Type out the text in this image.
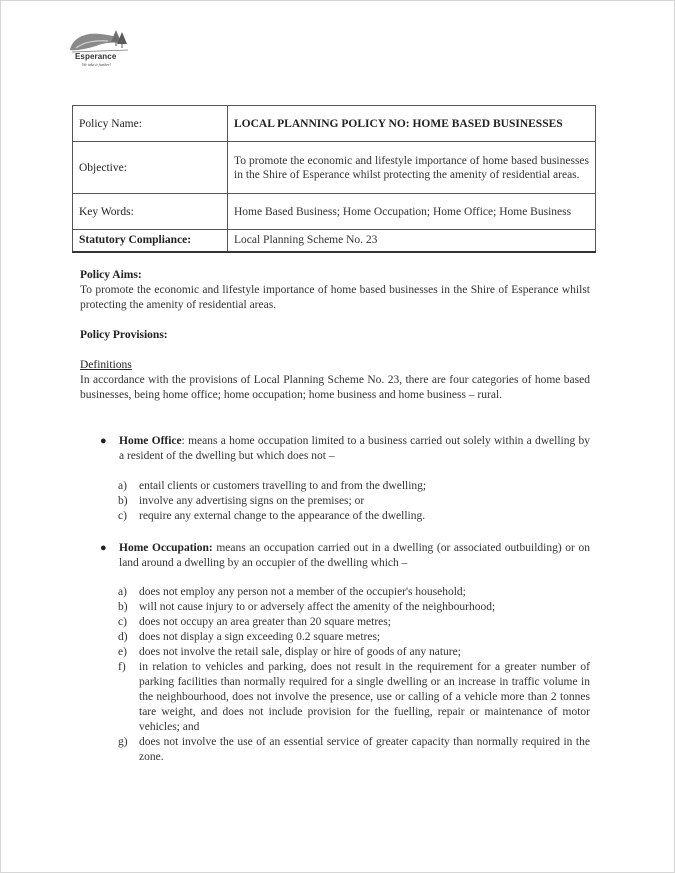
Esperance
We take it further!
Policy Name:	LOCAL PLANNING POLICY NO: HOME BASED BUSINESSES
Objective:	To promote the economic and lifestyle importance of home based businesses in the Shire of Esperance whilst protecting the amenity of residential areas.
Key Words:	Home Based Business; Home Occupation; Home Office; Home Business
Statutory Compliance:	Local Planning Scheme No. 23
Policy Aims:
To promote the economic and lifestyle importance of home based businesses in the Shire of Esperance whilst protecting the amenity of residential areas.
Policy Provisions:
Definitions
In accordance with the provisions of Local Planning Scheme No. 23, there are four categories of home based businesses, being home office; home occupation; home business and home business – rural.
● Home Office: means a home occupation limited to a business carried out solely within a dwelling by a resident of the dwelling but which does not –
a) entail clients or customers travelling to and from the dwelling;
b) involve any advertising signs on the premises; or
c) require any external change to the appearance of the dwelling.
● Home Occupation: means an occupation carried out in a dwelling (or associated outbuilding) or on land around a dwelling by an occupier of the dwelling which –
a) does not employ any person not a member of the occupier's household;
b) will not cause injury to or adversely affect the amenity of the neighbourhood;
c) does not occupy an area greater than 20 square metres;
d) does not display a sign exceeding 0.2 square metres;
e) does not involve the retail sale, display or hire of goods of any nature;
f) in relation to vehicles and parking, does not result in the requirement for a greater number of parking facilities than normally required for a single dwelling or an increase in traffic volume in the neighbourhood, does not involve the presence, use or calling of a vehicle more than 2 tonnes tare weight, and does not include provision for the fuelling, repair or maintenance of motor vehicles; and
g) does not involve the use of an essential service of greater capacity than normally required in the zone.
